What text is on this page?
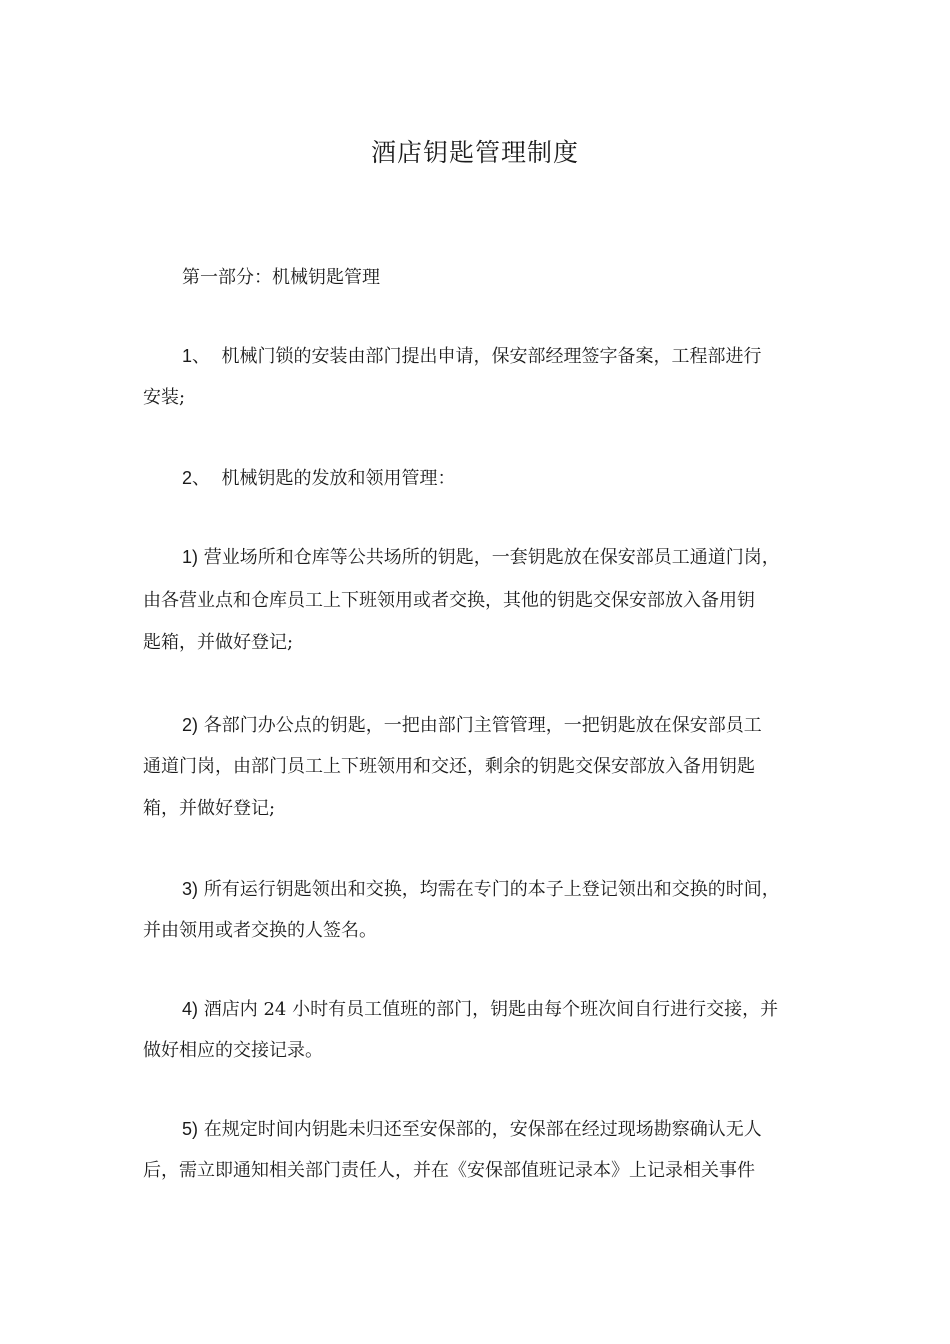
酒店钥匙管理制度
第一部分：机械钥匙管理
1、 机械门锁的安装由部门提出申请，保安部经理签字备案，工程部进行
安装;
2、 机械钥匙的发放和领用管理：
1) 营业场所和仓库等公共场所的钥匙，一套钥匙放在保安部员工通道门岗，
由各营业点和仓库员工上下班领用或者交换，其他的钥匙交保安部放入备用钥
匙箱，并做好登记;
2) 各部门办公点的钥匙，一把由部门主管管理，一把钥匙放在保安部员工
通道门岗，由部门员工上下班领用和交还，剩余的钥匙交保安部放入备用钥匙
箱，并做好登记;
3) 所有运行钥匙领出和交换，均需在专门的本子上登记领出和交换的时间，
并由领用或者交换的人签名。
4) 酒店内 24 小时有员工值班的部门，钥匙由每个班次间自行进行交接，并
做好相应的交接记录。
5) 在规定时间内钥匙未归还至安保部的，安保部在经过现场勘察确认无人
后，需立即通知相关部门责任人，并在《安保部值班记录本》上记录相关事件
